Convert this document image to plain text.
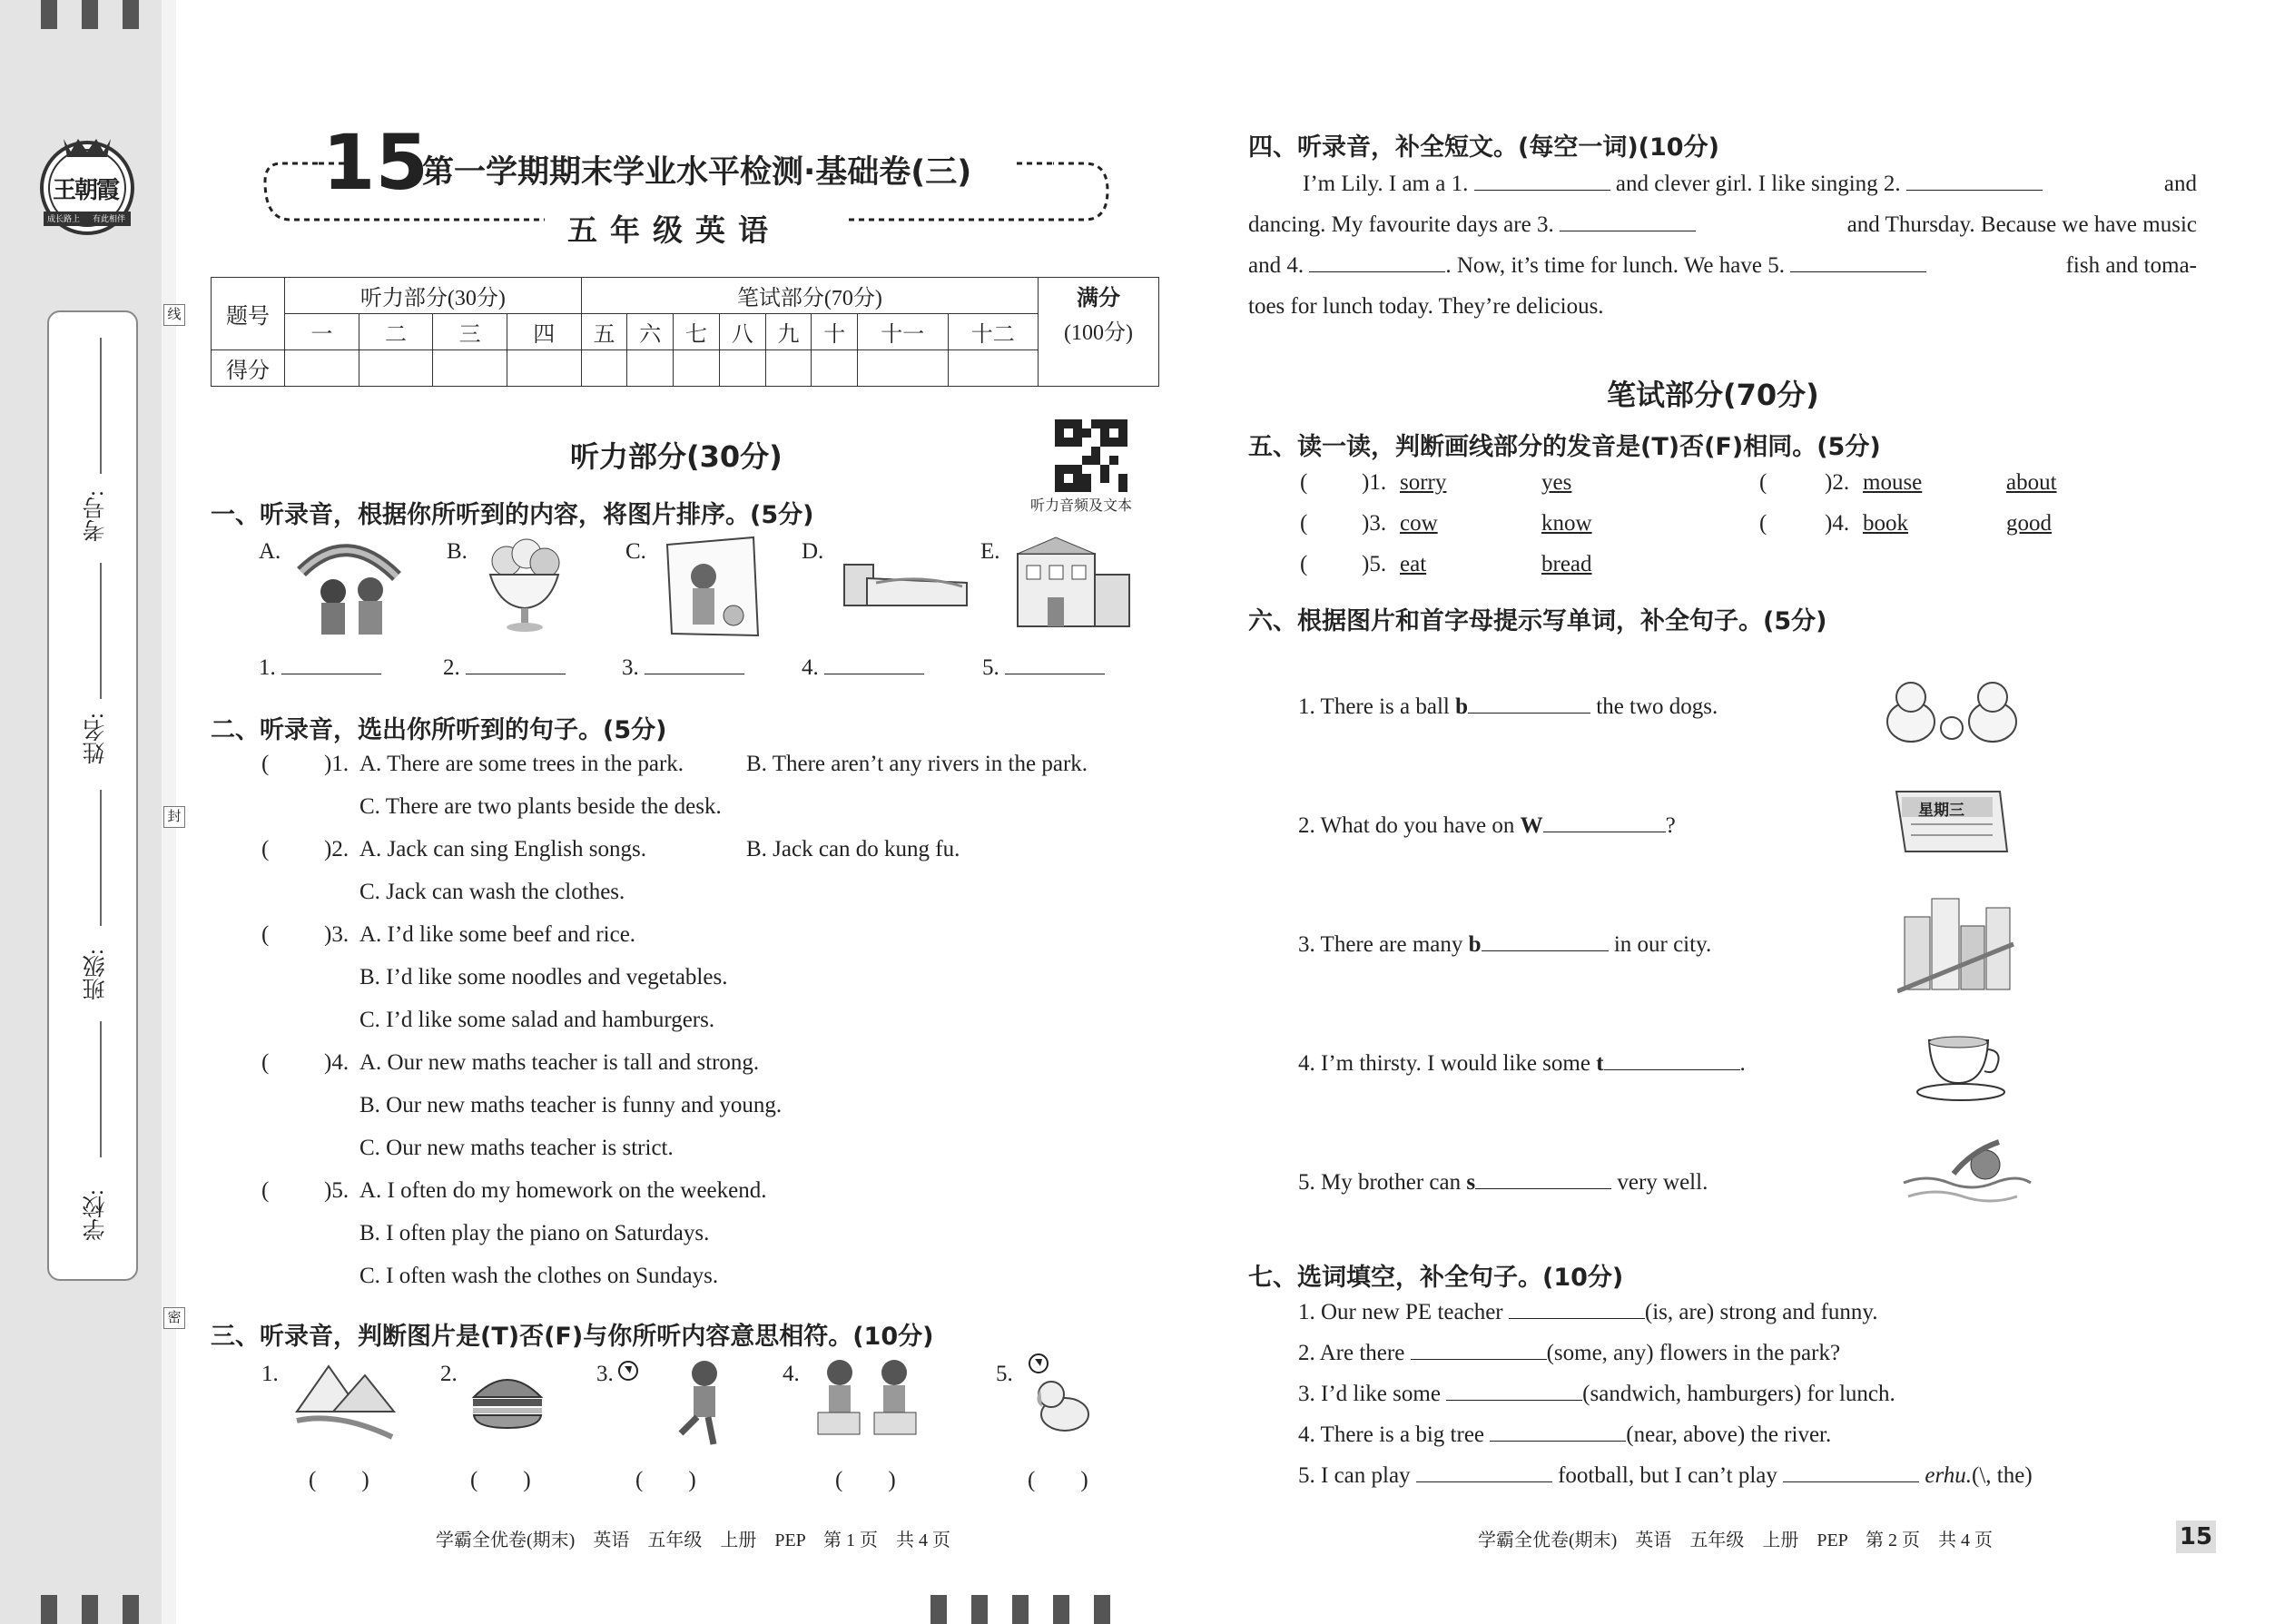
王朝霞
成长路上 有此相伴
考号:
姓名:
班级:
学校:
线
封
密
15
第一学期期末学业水平检测·基础卷(三)
五年级英语
题号	听力部分(30分)				笔试部分(70分)								满分
	一	二	三	四	五	六	七	八	九	十	十一	十二	(100分)
得分													
听力部分(30分)
听力音频及文本
一、听录音，根据你所听到的内容，将图片排序。(5分)
A.	B.	C.	D.	E.
1.	2.	3.	4.	5.
二、听录音，选出你所听到的句子。(5分)
( )1. A. There are some trees in the park.	B. There aren’t any rivers in the park.
C. There are two plants beside the desk.
( )2. A. Jack can sing English songs.	B. Jack can do kung fu.
C. Jack can wash the clothes.
( )3. A. I’d like some beef and rice.
B. I’d like some noodles and vegetables.
C. I’d like some salad and hamburgers.
( )4. A. Our new maths teacher is tall and strong.
B. Our new maths teacher is funny and young.
C. Our new maths teacher is strict.
( )5. A. I often do my homework on the weekend.
B. I often play the piano on Saturdays.
C. I often wash the clothes on Sundays.
三、听录音，判断图片是(T)否(F)与你所听内容意思相符。(10分)
1.	2.	3.	4.	5.
(　　)	(　　)	(　　)	(　　)	(　　)
学霸全优卷(期末)　英语　五年级　上册　PEP　第 1 页　共 4 页
四、听录音，补全短文。(每空一词)(10分)
I’m Lily. I am a 1.	and clever girl. I like singing 2.	and
dancing. My favourite days are 3.	and Thursday. Because we have music
and 4.	. Now, it’s time for lunch. We have 5.	fish and toma-
toes for lunch today. They’re delicious.
笔试部分(70分)
五、读一读，判断画线部分的发音是(T)否(F)相同。(5分)
( )1. sorry	yes	(	)2. mouse	about
( )3. cow	know	(	)4. book	good
( )5. eat	bread
六、根据图片和首字母提示写单词，补全句子。(5分)
1. There is a ball b	the two dogs.
2. What do you have on W	?
3. There are many b	in our city.
4. I’m thirsty. I would like some t	.
5. My brother can s	very well.
星期三
七、选词填空，补全句子。(10分)
1. Our new PE teacher	(is, are) strong and funny.
2. Are there	(some, any) flowers in the park?
3. I’d like some	(sandwich, hamburgers) for lunch.
4. There is a big tree	(near, above) the river.
5. I can play	football, but I can’t play	erhu.(\, the)
学霸全优卷(期末)　英语　五年级　上册　PEP　第 2 页　共 4 页	15
